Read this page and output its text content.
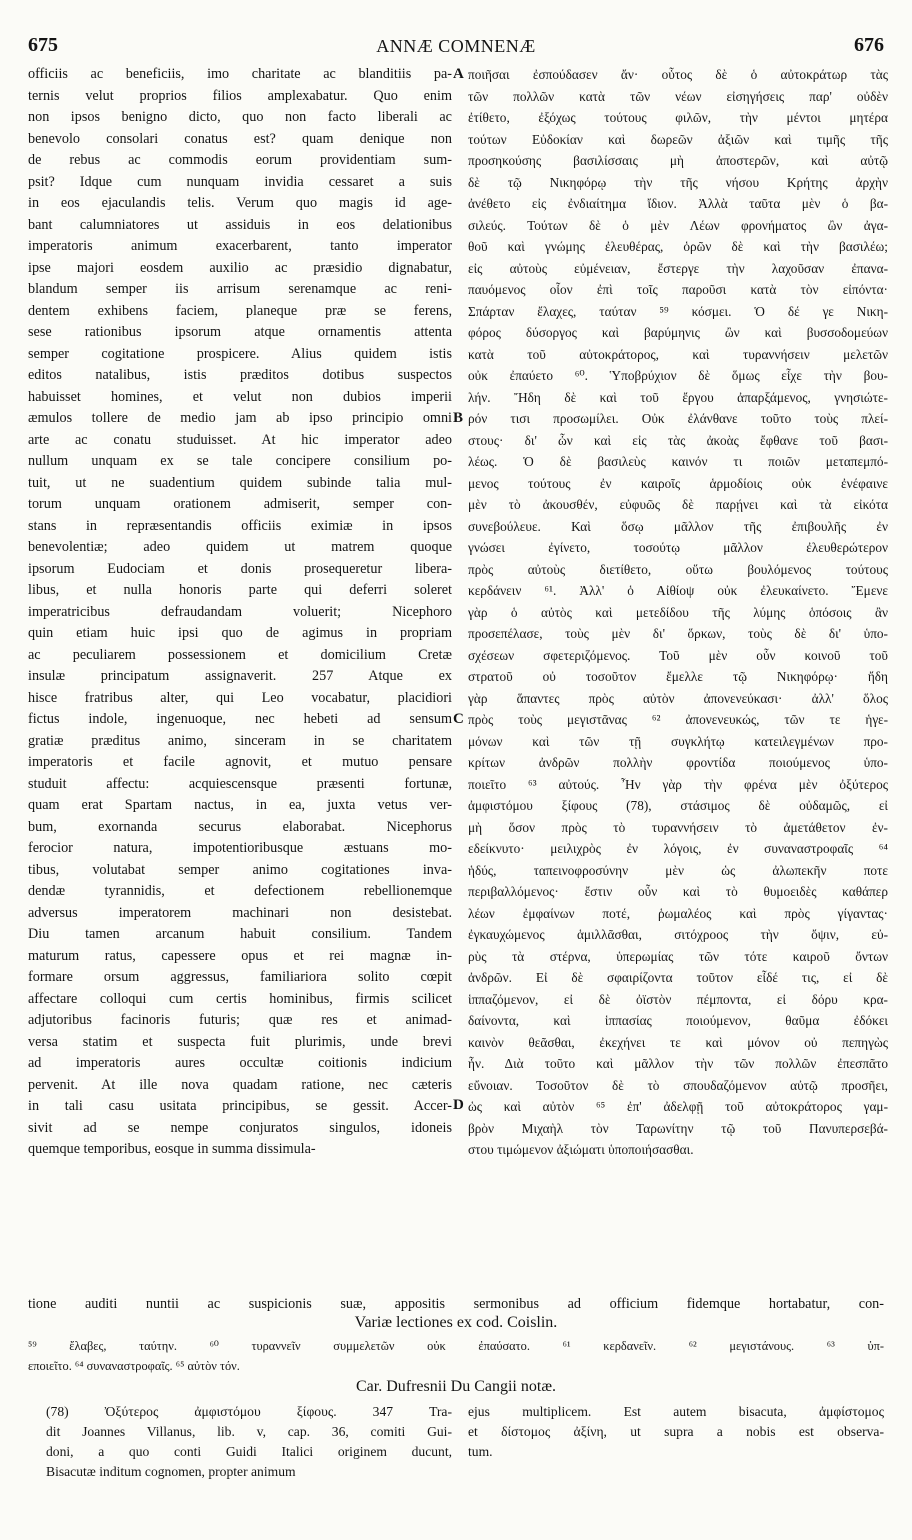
675	ANNÆ COMNENÆ	676
officiis ac beneficiis, imo charitate ac blanditiis pa-
ternis velut proprios filios amplexabatur. Quo enim
non ipsos benigno dicto, quo non facto liberali ac
benevolo consolari conatus est? quam denique non
de rebus ac commodis eorum providentiam sum-
psit? Idque cum nunquam invidia cessaret a suis
in eos ejaculandis telis. Verum quo magis id age-
bant calumniatores ut assiduis in eos delationibus
imperatoris animum exacerbarent, tanto imperator
ipse majori eosdem auxilio ac præsidio dignabatur,
blandum semper iis arrisum serenamque ac reni-
dentem exhibens faciem, planeque præ se ferens,
sese rationibus ipsorum atque ornamentis attenta
semper cogitatione prospicere. Alius quidem istis
editos natalibus, istis præditos dotibus suspectos
habuisset homines, et velut non dubios imperii
æmulos tollere de medio jam ab ipso principio omni
arte ac conatu studuisset. At hic imperator adeo
nullum unquam ex se tale concipere consilium po-
tuit, ut ne suadentium quidem subinde talia mul-
torum unquam orationem admiserit, semper con-
stans in repræsentandis officiis eximiæ in ipsos
benevolentiæ; adeo quidem ut matrem quoque
ipsorum Eudociam et donis prosequeretur libera-
libus, et nulla honoris parte qui deferri soleret
imperatricibus defraudandam voluerit; Nicephoro
quin etiam huic ipsi quo de agimus in propriam
ac peculiarem possessionem et domicilium Cretæ
insulæ principatum assignaverit. 257 Atque ex
hisce fratribus alter, qui Leo vocabatur, placidiori
fictus indole, ingenuoque, nec hebeti ad sensum
gratiæ præditus animo, sinceram in se charitatem
imperatoris et facile agnovit, et mutuo pensare
studuit affectu: acquiescensque præsenti fortunæ,
quam erat Spartam nactus, in ea, juxta vetus ver-
bum, exornanda securus elaborabat. Nicephorus
ferocior natura, impotentioribusque æstuans mo-
tibus, volutabat semper animo cogitationes inva-
dendæ tyrannidis, et defectionem rebellionemque
adversus imperatorem machinari non desistebat.
Diu tamen arcanum habuit consilium. Tandem
maturum ratus, capessere opus et rei magnæ in-
formare orsum aggressus, familiariora solito cœpit
affectare colloqui cum certis hominibus, firmis scilicet
adjutoribus facinoris futuris; quæ res et animad-
versa statim et suspecta fuit plurimis, unde brevi
ad imperatoris aures occultæ coitionis indicium
pervenit. At ille nova quadam ratione, nec cæteris
in tali casu usitata principibus, se gessit. Accer-
sivit ad se nempe conjuratos singulos, idoneis
quemque temporibus, eosque in summa dissimula-
ποιῆσαι ἐσπούδασεν ἄν· οὗτος δὲ ὁ αὐτοκράτωρ τὰς
τῶν πολλῶν κατὰ τῶν νέων εἰσηγήσεις παρ' οὐδὲν
ἐτίθετο, ἐξόχως τούτους φιλῶν, τὴν μέντοι μητέρα
τούτων Εὐδοκίαν καὶ δωρεῶν ἀξιῶν καὶ τιμῆς τῆς
προσηκούσης βασιλίσσαις μὴ ἀποστερῶν, καὶ αὐτῷ
δὲ τῷ Νικηφόρῳ τὴν τῆς νήσου Κρήτης ἀρχὴν
ἀνέθετο εἰς ἐνδιαίτημα ἴδιον. Ἀλλὰ ταῦτα μὲν ὁ βα-
σιλεύς. Τούτων δὲ ὁ μὲν Λέων φρονήματος ὢν ἀγα-
θοῦ καὶ γνώμης ἐλευθέρας, ὁρῶν δὲ καὶ τὴν βασιλέω;
εἰς αὐτοὺς εὐμένειαν, ἔστεργε τὴν λαχοῦσαν ἐπανα-
παυόμενος οἷον ἐπὶ τοῖς παροῦσι κατὰ τὸν εἰπόντα·
Σπάρταν ἔλαχες, ταύταν ⁵⁹ κόσμει. Ὁ δέ γε Νικη-
φόρος δύσοργος καὶ βαρύμηνις ὢν καὶ βυσσοδομεύων
κατὰ τοῦ αὐτοκράτορος, καὶ τυραννήσειν μελετῶν
οὐκ ἐπαύετο ⁶⁰. Ὑποβρύχιον δὲ ὅμως εἶχε τὴν βου-
λήν. Ἤδη δὲ καὶ τοῦ ἔργου ἀπαρξάμενος, γνησιώτε-
ρόν τισι προσωμίλει. Οὐκ ἐλάνθανε τοῦτο τοὺς πλεί-
στους· δι' ὧν καὶ εἰς τὰς ἀκοὰς ἔφθανε τοῦ βασι-
λέως. Ὁ δὲ βασιλεὺς καινόν τι ποιῶν μεταπεμπό-
μενος τούτους ἐν καιροῖς ἁρμοδίοις οὐκ ἐνέφαινε
μὲν τὸ ἀκουσθέν, εὐφυῶς δὲ παρῄνει καὶ τὰ εἰκότα
συνεβούλευε. Καὶ ὅσῳ μᾶλλον τῆς ἐπιβουλῆς ἐν
γνώσει ἐγίνετο, τοσούτῳ μᾶλλον ἐλευθερώτερον
πρὸς αὐτοὺς διετίθετο, οὕτω βουλόμενος τούτους
κερδάνειν ⁶¹. Ἀλλ' ὁ Αἰθίοψ οὐκ ἐλευκαίνετο. Ἔμενε
γὰρ ὁ αὐτὸς καὶ μετεδίδου τῆς λύμης ὁπόσοις ἂν
προσεπέλασε, τοὺς μὲν δι' ὅρκων, τοὺς δὲ δι' ὑπο-
σχέσεων σφετεριζόμενος. Τοῦ μὲν οὖν κοινοῦ τοῦ
στρατοῦ οὐ τοσοῦτον ἔμελλε τῷ Νικηφόρῳ· ἤδη
γὰρ ἅπαντες πρὸς αὐτὸν ἀπονενεύκασι· ἀλλ' ὅλος
πρὸς τοὺς μεγιστᾶνας ⁶² ἀπονενευκώς, τῶν τε ἡγε-
μόνων καὶ τῶν τῇ συγκλήτῳ κατειλεγμένων προ-
κρίτων ἀνδρῶν πολλὴν φροντίδα ποιούμενος ὑπο-
ποιεῖτο ⁶³ αὐτούς. Ἦν γὰρ τὴν φρένα μὲν ὀξύτερος
ἀμφιστόμου ξίφους (78), στάσιμος δὲ οὐδαμῶς, εἰ
μὴ ὅσον πρὸς τὸ τυραννήσειν τὸ ἀμετάθετον ἐν-
εδείκνυτο· μειλιχρὸς ἐν λόγοις, ἐν συναναστροφαῖς ⁶⁴
ἡδύς, ταπεινοφροσύνην μὲν ὡς ἀλωπεκῆν ποτε
περιβαλλόμενος· ἔστιν οὖν καὶ τὸ θυμοειδὲς καθάπερ
λέων ἐμφαίνων ποτέ, ῥωμαλέος καὶ πρὸς γίγαντας·
ἐγκαυχώμενος ἁμιλλᾶσθαι, σιτόχροος τὴν ὄψιν, εὐ-
ρὺς τὰ στέρνα, ὑπερωμίας τῶν τότε καιροῦ ὄντων
ἀνδρῶν. Εἰ δὲ σφαιρίζοντα τοῦτον εἶδέ τις, εἰ δὲ
ἱππαζόμενον, εἰ δὲ ὀϊστὸν πέμποντα, εἰ δόρυ κρα-
δαίνοντα, καὶ ἱππασίας ποιούμενον, θαῦμα ἐδόκει
καινὸν θεᾶσθαι, ἐκεχήνει τε καὶ μόνον οὐ πεπηγὼς
ἦν. Διὰ τοῦτο καὶ μᾶλλον τὴν τῶν πολλῶν ἐπεσπᾶτο
εὔνοιαν. Τοσοῦτον δὲ τὸ σπουδαζόμενον αὐτῷ προσῆει,
ὡς καὶ αὐτὸν ⁶⁵ ἐπ' ἀδελφῇ τοῦ αὐτοκράτορος γαμ-
βρὸν Μιχαὴλ τὸν Ταρωνίτην τῷ τοῦ Πανυπερσεβά-
στου τιμώμενον ἀξιώματι ὑποποιήσασθαι.
A
B
C
D
tione auditi nuntii ac suspicionis suæ, appositis sermonibus ad officium fidemque hortabatur, con-
Variæ lectiones ex cod. Coislin.
⁵⁹ ἔλαβες, ταύτην. ⁶⁰ τυραννεῖν συμμελετῶν οὐκ ἐπαύσατο. ⁶¹ κερδανεῖν. ⁶² μεγιστάνους. ⁶³ ὑπ-
εποιεῖτο. ⁶⁴ συναναστροφαῖς. ⁶⁵ αὐτὸν τόν.
Car. Dufresnii Du Cangii notæ.
(78) Ὀξύτερος ἀμφιστόμου ξίφους. 347 Tra-
dit Joannes Villanus, lib. v, cap. 36, comiti Gui-
doni, a quo conti Guidi Italici originem ducunt,
Bisacutæ inditum cognomen, propter animum
ejus multiplicem. Est autem bisacuta, ἀμφίστομος
et δίστομος ἀξίνη, ut supra a nobis est observa-
tum.
